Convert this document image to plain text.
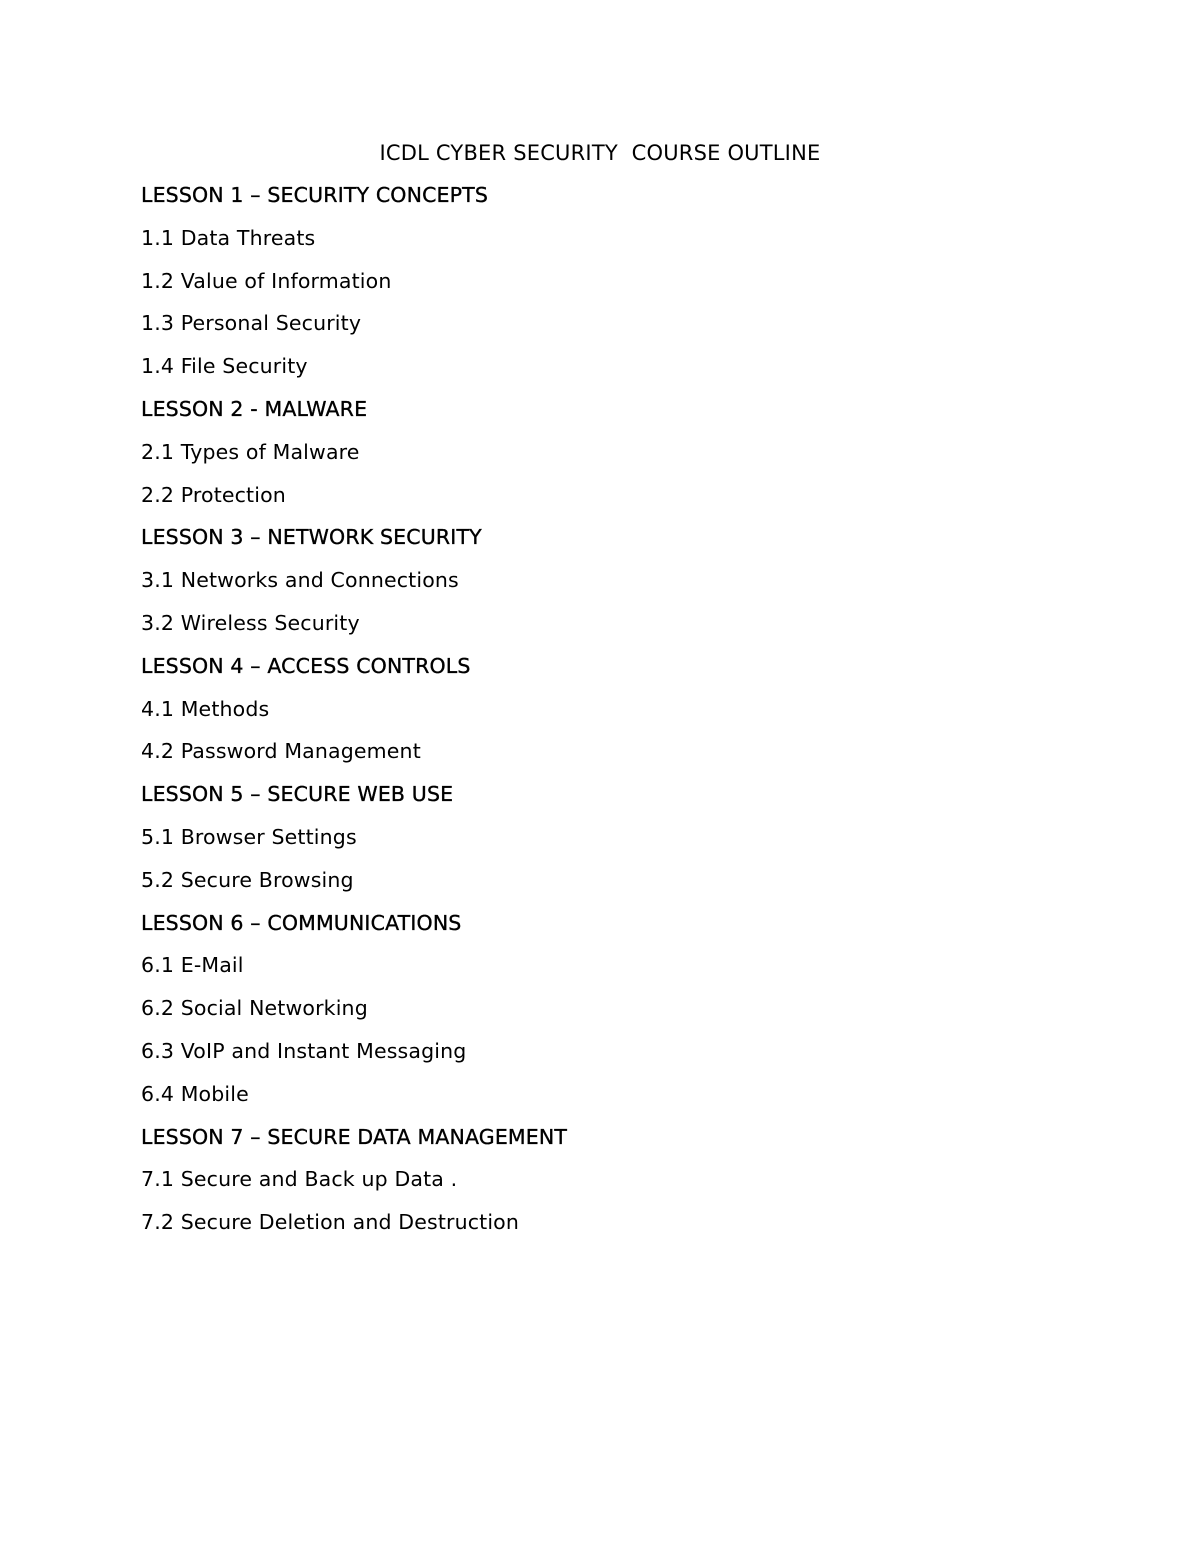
ICDL CYBER SECURITY  COURSE OUTLINE
LESSON 1 – SECURITY CONCEPTS
1.1 Data Threats
1.2 Value of Information
1.3 Personal Security
1.4 File Security
LESSON 2 - MALWARE
2.1 Types of Malware
2.2 Protection
LESSON 3 – NETWORK SECURITY
3.1 Networks and Connections
3.2 Wireless Security
LESSON 4 – ACCESS CONTROLS
4.1 Methods
4.2 Password Management
LESSON 5 – SECURE WEB USE
5.1 Browser Settings
5.2 Secure Browsing
LESSON 6 – COMMUNICATIONS
6.1 E-Mail
6.2 Social Networking
6.3 VoIP and Instant Messaging
6.4 Mobile
LESSON 7 – SECURE DATA MANAGEMENT
7.1 Secure and Back up Data .
7.2 Secure Deletion and Destruction
